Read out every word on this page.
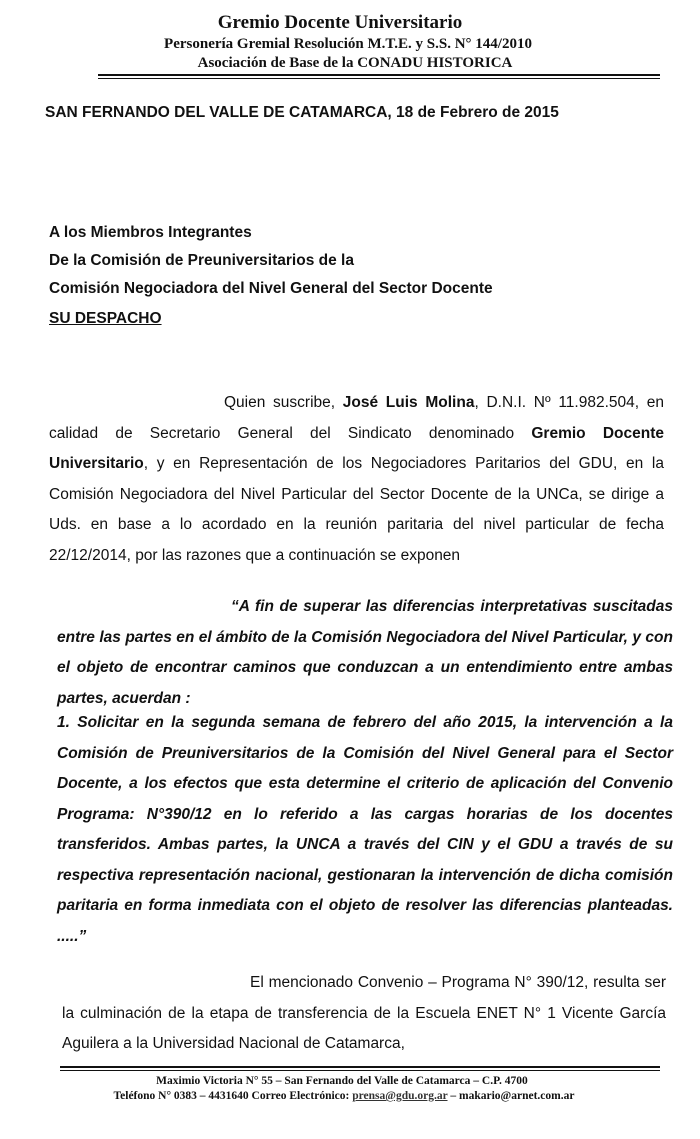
Gremio Docente Universitario
Personería Gremial Resolución M.T.E. y S.S. N° 144/2010
Asociación de Base de la CONADU HISTORICA
SAN FERNANDO DEL VALLE DE CATAMARCA, 18 de Febrero de 2015
A los Miembros Integrantes
De la Comisión de Preuniversitarios de la
Comisión Negociadora del Nivel General del Sector Docente
SU DESPACHO
Quien suscribe, José Luis Molina, D.N.I. Nº 11.982.504, en calidad de Secretario General del Sindicato denominado Gremio Docente Universitario, y en Representación de los Negociadores Paritarios del GDU, en la Comisión Negociadora del Nivel Particular del Sector Docente de la UNCa, se dirige a Uds. en base a lo acordado en la reunión paritaria del nivel particular de fecha 22/12/2014, por las razones que a continuación se exponen
“A fin de superar las diferencias interpretativas suscitadas entre las partes en el ámbito de la Comisión Negociadora del Nivel Particular, y con el objeto de encontrar caminos que conduzcan a un entendimiento entre ambas partes, acuerdan :
1. Solicitar en la segunda semana de febrero del año 2015, la intervención a la Comisión de Preuniversitarios de la Comisión del Nivel General para el Sector Docente, a los efectos que esta determine el criterio de aplicación del Convenio Programa: N°390/12 en lo referido a las cargas horarias de los docentes transferidos. Ambas partes, la UNCA a través del CIN y el GDU a través de su respectiva representación nacional, gestionaran la intervención de dicha comisión paritaria en forma inmediata con el objeto de resolver las diferencias planteadas. .....”
El mencionado Convenio – Programa N° 390/12, resulta ser la culminación de la etapa de transferencia de la Escuela ENET N° 1 Vicente García Aguilera a la Universidad Nacional de Catamarca,
Maximio Victoria N° 55 – San Fernando del Valle de Catamarca – C.P. 4700
Teléfono N° 0383 – 4431640 Correo Electrónico: prensa@gdu.org.ar – makario@arnet.com.ar
